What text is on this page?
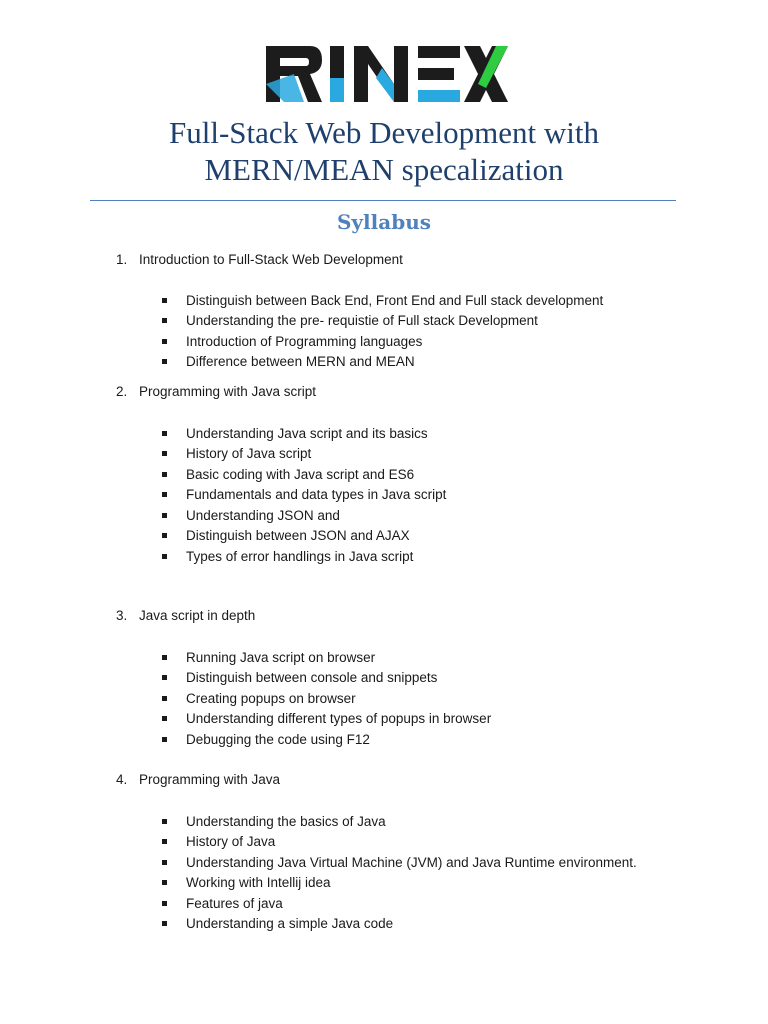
RINEX
Full-Stack Web Development with
MERN/MEAN specalization
Syllabus
1. Introduction to Full-Stack Web Development
Distinguish between Back End, Front End and Full stack development
Understanding the pre- requistie of Full stack Development
Introduction of Programming languages
Difference between MERN and MEAN
2. Programming with Java script
Understanding Java script and its basics
History of Java script
Basic coding with Java script and ES6
Fundamentals and data types in Java script
Understanding JSON and
Distinguish between JSON and AJAX
Types of error handlings in Java script
3. Java script in depth
Running Java script on browser
Distinguish between console and snippets
Creating popups on browser
Understanding different types of popups in browser
Debugging the code using F12
4. Programming with Java
Understanding the basics of Java
History of Java
Understanding Java Virtual Machine (JVM) and Java Runtime environment.
Working with Intellij idea
Features of java
Understanding a simple Java code
